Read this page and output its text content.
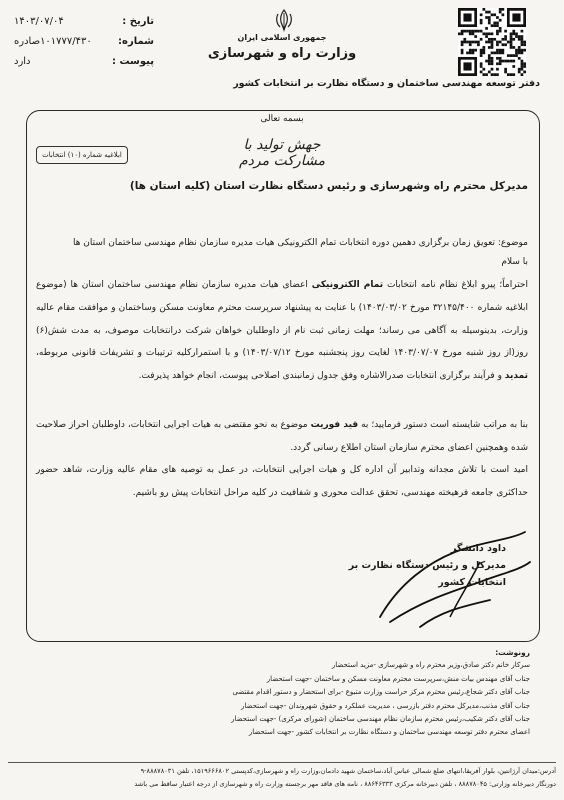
تاریخ :
۱۴۰۳/۰۷/۰۴
شماره:
۱۰۱۷۷۷/۴۳۰صادره
پیوست :
دارد
جمهوری اسلامی ایران
وزارت راه و شهرسازی
دفتر توسعه مهندسی ساختمان و دستگاه نظارت بر انتخابات کشور
بسمه تعالی
جهش تولید با مشارکت مردم
ابلاغیه شماره (۱۰) انتخابات
مدیرکل محترم راه وشهرسازی و رئیس دستگاه نظارت استان (کلیه استان ها)
موضوع: تعویق زمان برگزاری دهمین دوره انتخابات تمام الکترونیکی هیات مدیره سازمان نظام مهندسی ساختمان استان ها
با سلام

احتراماً؛ پیرو ابلاغ نظام نامه انتخابات تمام الکترونیکی اعضای هیات مدیره سازمان نظام مهندسی ساختمان استان ها (موضوع ابلاغیه شماره ۳۲۱۴۵/۴۰۰ مورخ ۱۴۰۳/۰۳/۰۲) با عنایت به پیشنهاد سرپرست محترم معاونت مسکن وساختمان و موافقت مقام عالیه وزارت، بدینوسیله به آگاهی می رساند؛ مهلت زمانی ثبت نام از داوطلبان خواهان شرکت درانتخابات موصوف، به مدت شش(۶) روز(از روز شنبه مورخ ۱۴۰۳/۰۷/۰۷ لغایت روز پنجشنبه مورخ ۱۴۰۳/۰۷/۱۲) و با استمرارکلیه ترتیبات و تشریفات قانونی مربوطه، تمدید و فرآیند برگزاری انتخابات صدرالاشاره وفق جدول زمانبندی اصلاحی پیوست، انجام خواهد پذیرفت.

بنا به مراتب شایسته است دستور فرمایید؛ به قید فوریت موضوع به نحو مقتضی به هیات اجرایی انتخابات، داوطلبان احراز صلاحیت شده وهمچنین اعضای محترم سازمان استان اطلاع رسانی گردد.

امید است با تلاش مجدانه وتدابیر آن اداره کل و هیات اجرایی انتخابات، در عمل به توصیه های مقام عالیه وزارت، شاهد حضور حداکثری جامعه فرهیخته مهندسی، تحقق عدالت محوری و شفافیت در کلیه مراحل انتخابات پیش رو باشیم.

داود دانشگر
مدیرکل و رئیس دستگاه نظارت بر
انتخابات کشور
رونوشت:
سرکار خانم دکتر صادق،وزیر محترم راه و شهرسازی -مزید استحضار
جناب آقای مهندس بیات منش،سرپرست محترم معاونت مسکن و ساختمان -جهت استحضار
جناب آقای دکتر شجاع،رئیس محترم مرکز حراست وزارت متبوع -برای استحضار و دستور اقدام مقتضی
جناب آقای مذنب،مدیرکل محترم دفتر بازرسی ، مدیریت عملکرد و حقوق شهروندان -جهت استحضار
جناب آقای دکتر شکیب،رئیس محترم سازمان نظام مهندسی ساختمان (شورای مرکزی) -جهت استحضار
اعضای محترم دفتر توسعه مهندسی ساختمان و دستگاه نظارت بر انتخابات کشور -جهت استحضار
آدرس:میدان آرژانتین، بلوار آفریقا،انتهای ضلع شمالی عباس آباد،ساختمان شهید دادمان،وزارت راه و شهرسازی،کدپستی ۱۵۱۹۶۶۶۸۰۲، تلفن ۸۸۸۷۸۰۳۱-۹
دورنگار دبیرخانه وزارتی: ۸۸۸۷۸۰۴۵ ، تلفن دبیرخانه مرکزی ۸۸۶۴۶۳۳۳ ، نامه های فاقد مهر برجسته وزارت راه و شهرسازی از درجه اعتبار ساقط می باشد
